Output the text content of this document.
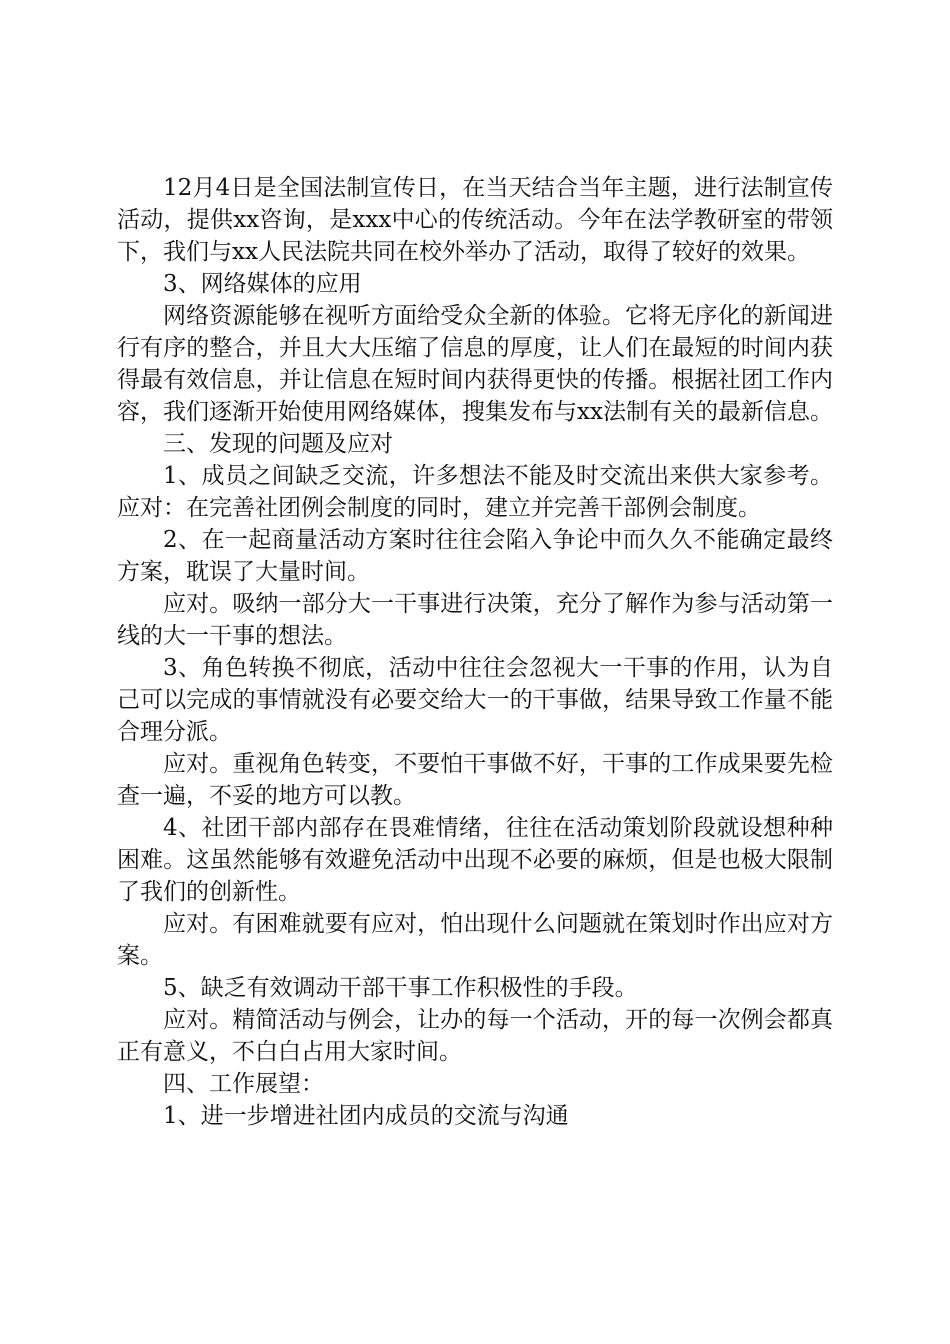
12月4日是全国法制宣传日，在当天结合当年主题，进行法制宣传活动，提供xx咨询，是xxx中心的传统活动。今年在法学教研室的带领下，我们与xx人民法院共同在校外举办了活动，取得了较好的效果。

3、网络媒体的应用

网络资源能够在视听方面给受众全新的体验。它将无序化的新闻进行有序的整合，并且大大压缩了信息的厚度，让人们在最短的时间内获得最有效信息，并让信息在短时间内获得更快的传播。根据社团工作内容，我们逐渐开始使用网络媒体，搜集发布与xx法制有关的最新信息。

三、发现的问题及应对

1、成员之间缺乏交流，许多想法不能及时交流出来供大家参考。应对：在完善社团例会制度的同时，建立并完善干部例会制度。

2、在一起商量活动方案时往往会陷入争论中而久久不能确定最终方案，耽误了大量时间。

应对。吸纳一部分大一干事进行决策，充分了解作为参与活动第一线的大一干事的想法。

3、角色转换不彻底，活动中往往会忽视大一干事的作用，认为自己可以完成的事情就没有必要交给大一的干事做，结果导致工作量不能合理分派。

应对。重视角色转变，不要怕干事做不好，干事的工作成果要先检查一遍，不妥的地方可以教。

4、社团干部内部存在畏难情绪，往往在活动策划阶段就设想种种困难。这虽然能够有效避免活动中出现不必要的麻烦，但是也极大限制了我们的创新性。

应对。有困难就要有应对，怕出现什么问题就在策划时作出应对方案。

5、缺乏有效调动干部干事工作积极性的手段。

应对。精简活动与例会，让办的每一个活动，开的每一次例会都真正有意义，不白白占用大家时间。

四、工作展望：

1、进一步增进社团内成员的交流与沟通
